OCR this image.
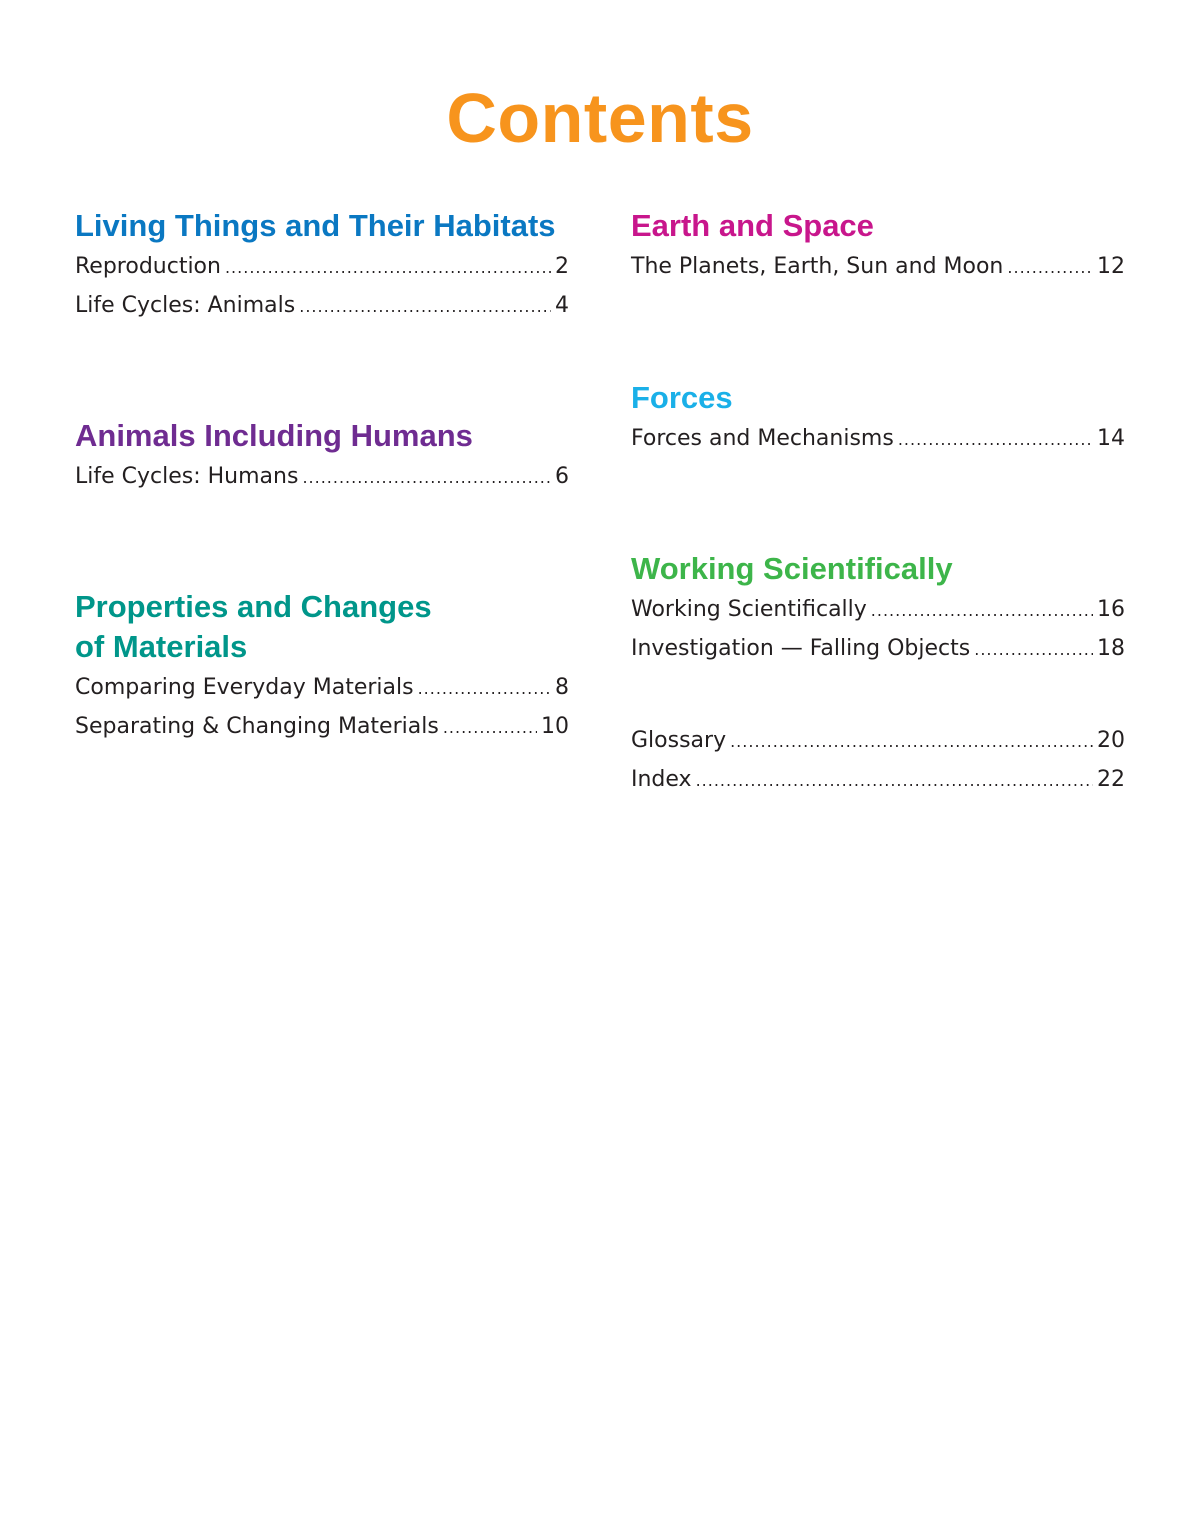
Contents
Living Things and Their Habitats
Reproduction .....	2
Life Cycles: Animals .....	4
Animals Including Humans
Life Cycles: Humans .....	6
Properties and Changes
of Materials
Comparing Everyday Materials .....	8
Separating & Changing Materials .....	10
Earth and Space
The Planets, Earth, Sun and Moon .....	12
Forces
Forces and Mechanisms .....	14
Working Scientifically
Working Scientifically .....	16
Investigation — Falling Objects .....	18
Glossary .....	20
Index .....	22
